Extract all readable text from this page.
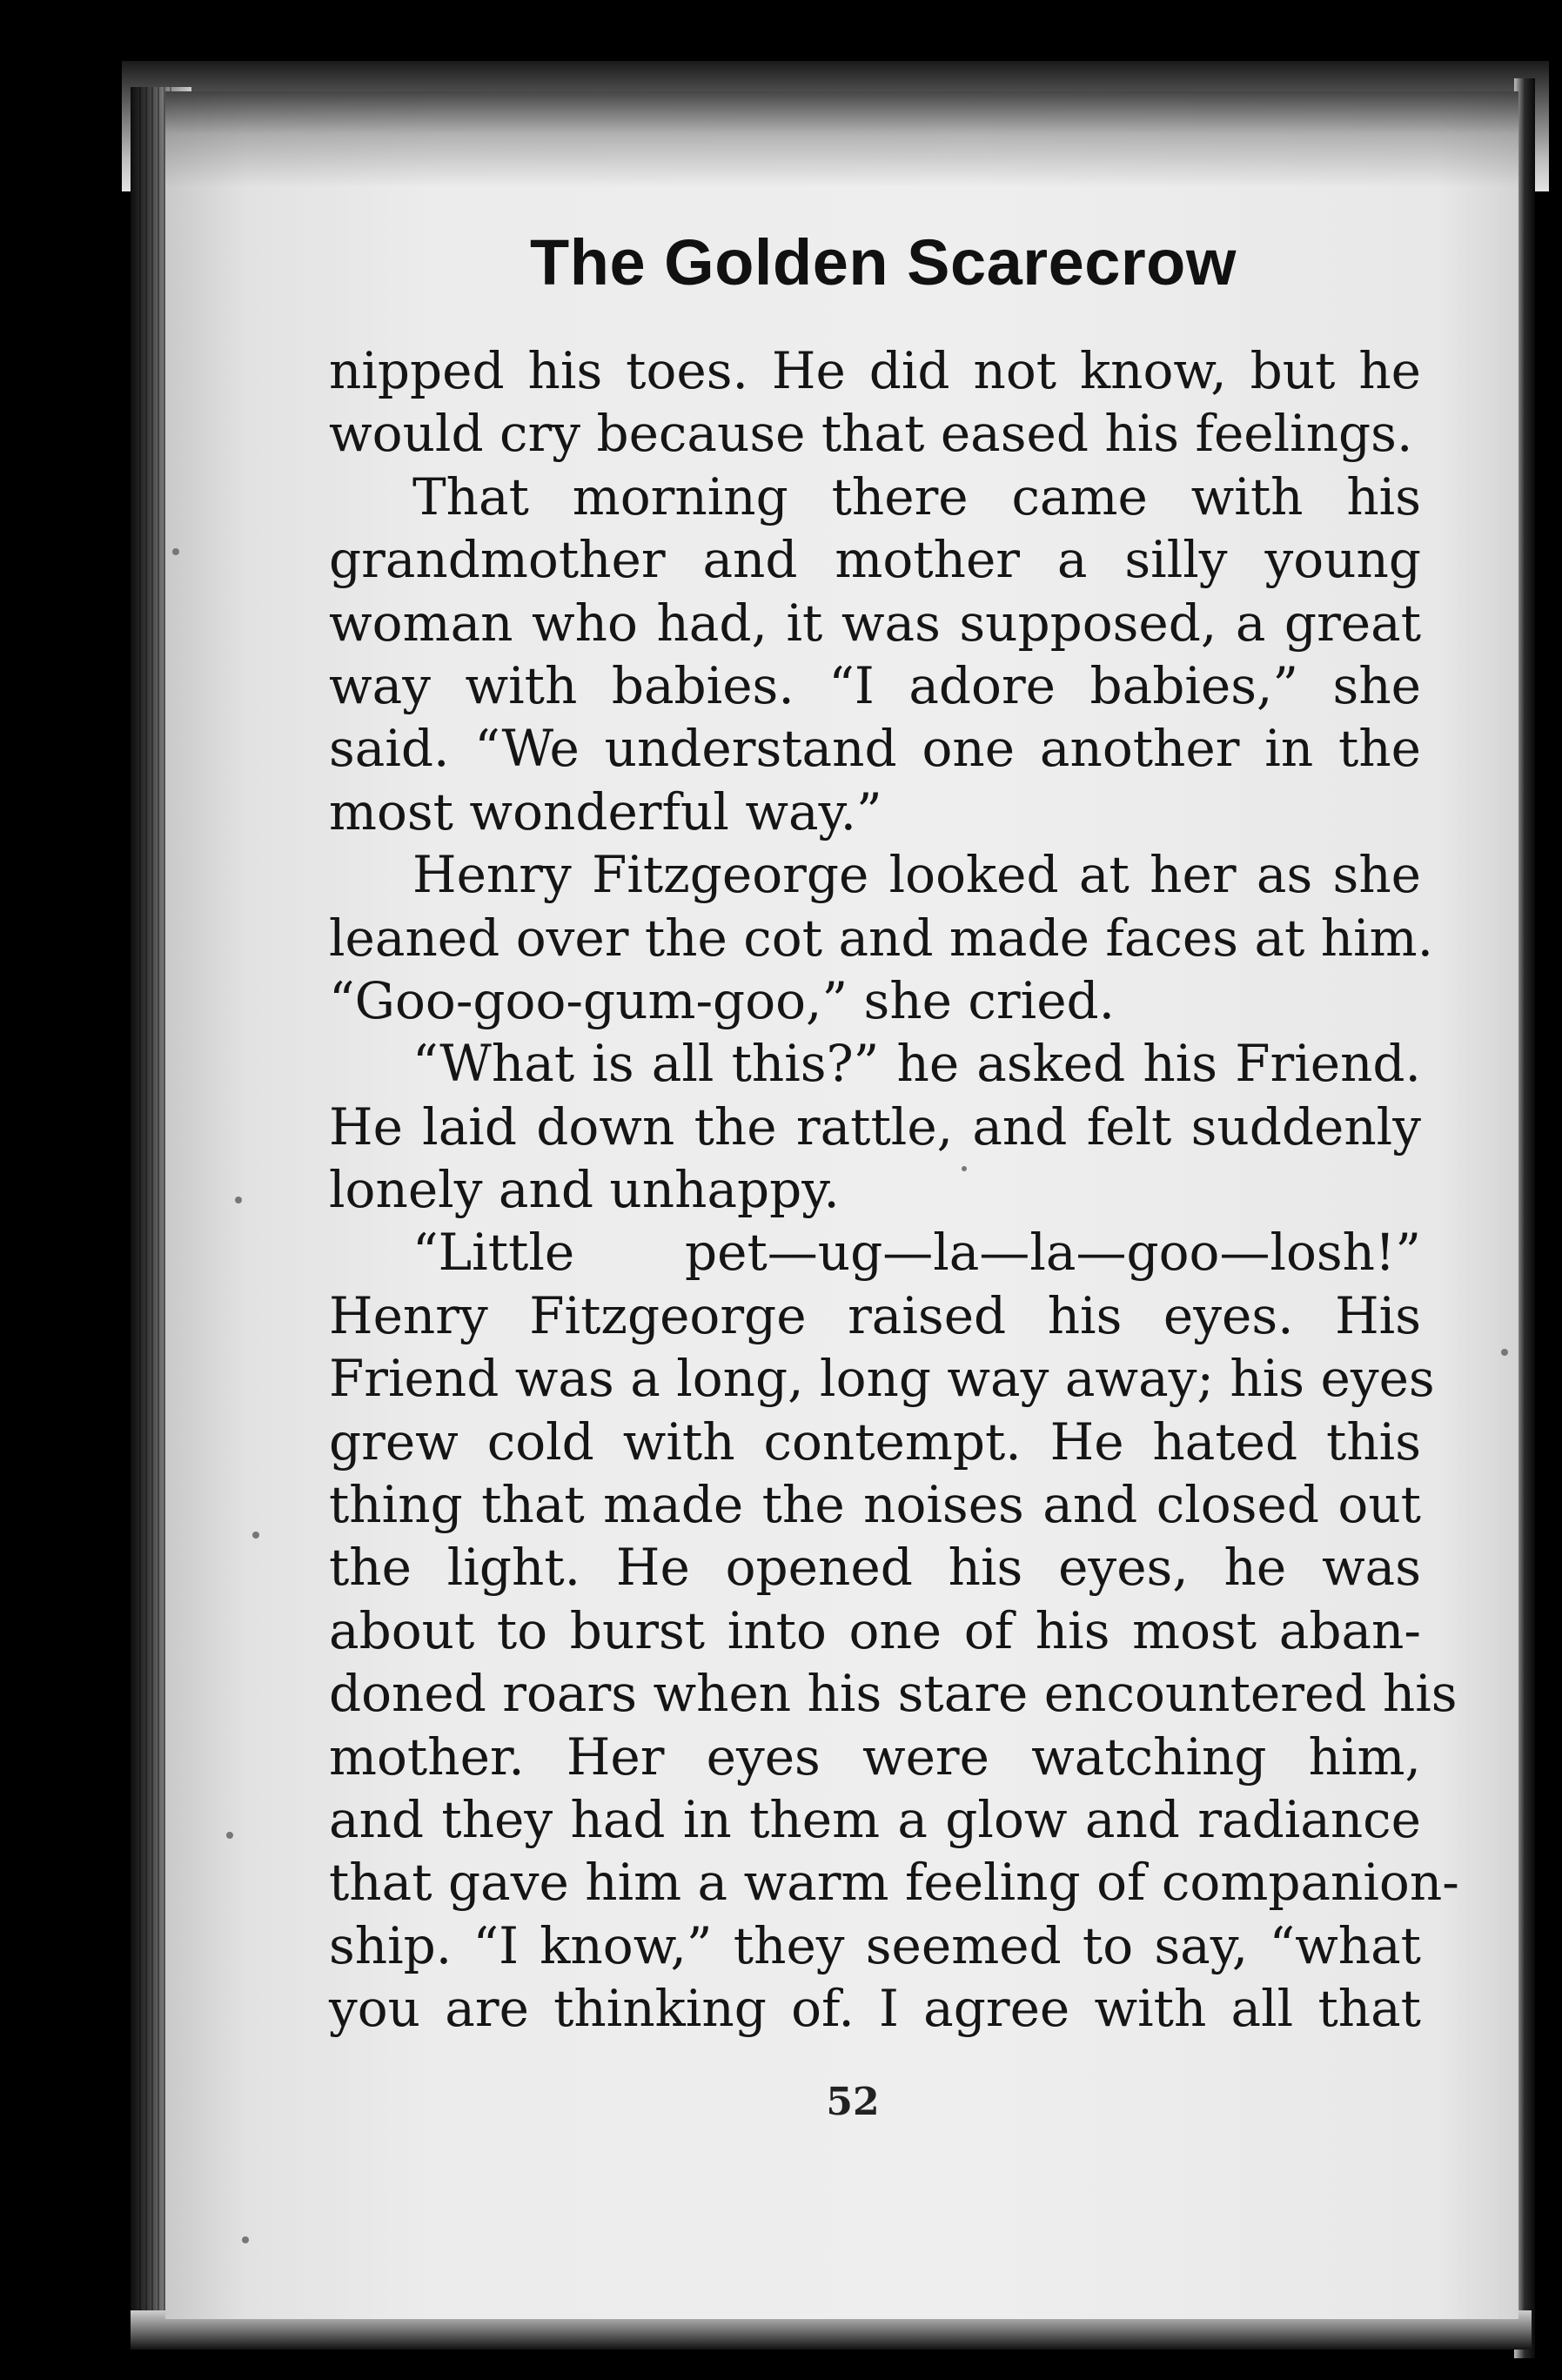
The Golden Scarecrow
nipped his toes. He did not know, but he
would cry because that eased his feelings.
That morning there came with his
grandmother and mother a silly young
woman who had, it was supposed, a great
way with babies. “I adore babies,” she
said. “We understand one another in the
most wonderful way.”
Henry Fitzgeorge looked at her as she
leaned over the cot and made faces at him.
“Goo-goo-gum-goo,” she cried.
“What is all this?” he asked his Friend.
He laid down the rattle, and felt suddenly
lonely and unhappy.
“Little pet—ug—la—la—goo—losh!”
Henry Fitzgeorge raised his eyes. His
Friend was a long, long way away; his eyes
grew cold with contempt. He hated this
thing that made the noises and closed out
the light. He opened his eyes, he was
about to burst into one of his most aban-
doned roars when his stare encountered his
mother. Her eyes were watching him,
and they had in them a glow and radiance
that gave him a warm feeling of companion-
ship. “I know,” they seemed to say, “what
you are thinking of. I agree with all that
52
